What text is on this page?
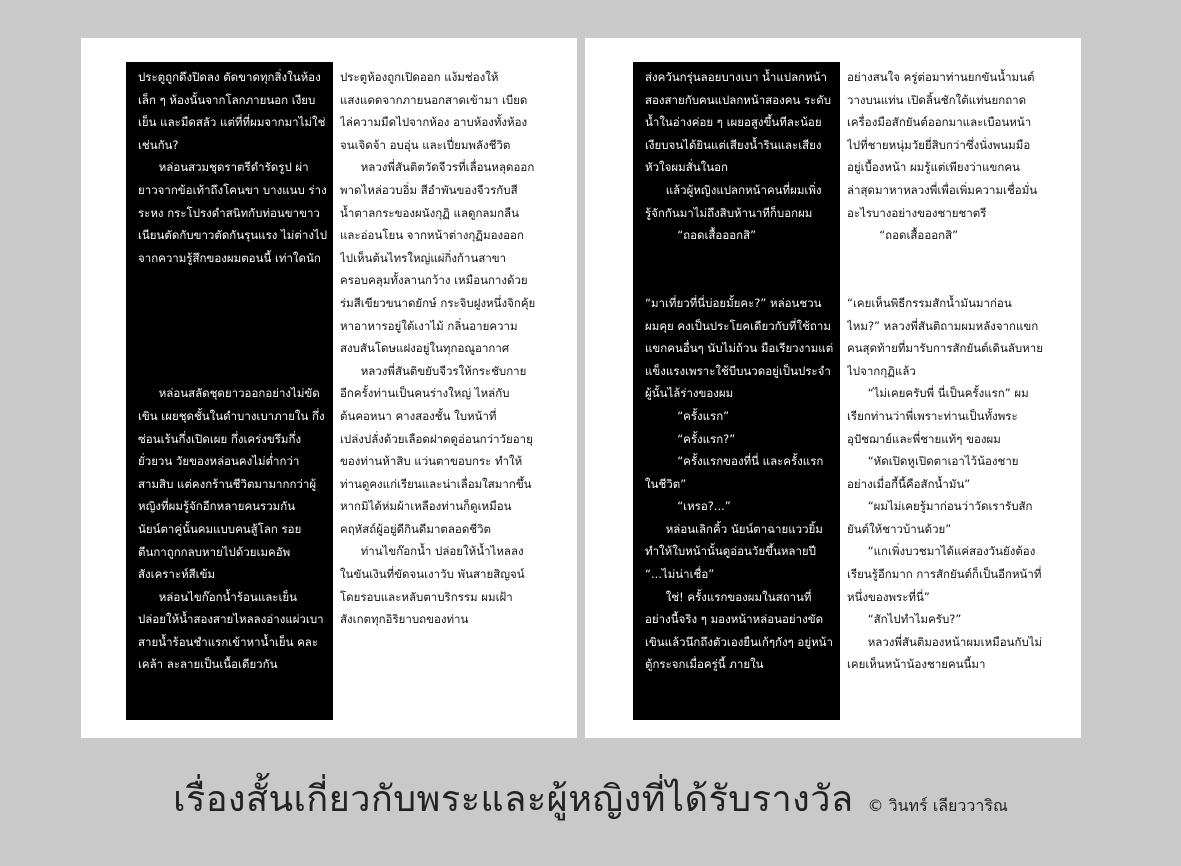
ประตูถูกดึงปิดลง ตัดขาดทุกสิ่งในห้องเล็ก ๆ ห้องนั้นจากโลกภายนอก เงียบ เย็น และมืดสลัว แต่ที่ที่ผมจากมาไม่ใช่เช่นกัน?

หล่อนสวมชุดราตรีดำรัดรูป ผ่ายาวจากข้อเท้าถึงโคนขา บางแนบ ร่างระหง กระโปรงดำสนิทกับท่อนขาขาวเนียนตัดกับขาวตัดกันรุนแรง ไม่ต่างไปจากความรู้สึกของผมตอนนี้ เท่าใดนัก

หล่อนสลัดชุดยาวออกอย่างไม่ขัดเขิน เผยชุดชั้นในดำบางเบาภายใน กึ่งซ่อนเร้นกึ่งเปิดเผย กึ่งเคร่งขรึมกึ่งยั่วยวน วัยของหล่อนคงไม่ต่ำกว่าสามสิบ แต่คงกร้านชีวิตมามากกว่าผู้หญิงที่ผมรู้จักอีกหลายคนรวมกัน นัยน์ตาคู่นั้นคมแบบคนสู้โลก รอยตีนกาถูกกลบหายไปด้วยเมคอัพสังเคราะห์สีเข้ม

หล่อนไขก๊อกน้ำร้อนและเย็น ปล่อยให้น้ำสองสายไหลลงอ่างแผ่วเบา สายน้ำร้อนชำแรกเข้าหาน้ำเย็น คละเคล้า ละลายเป็นเนื้อเดียวกัน

ประตูห้องถูกเปิดออก แง้มช่องให้แสงแดดจากภายนอกสาดเข้ามา เบียดไล่ความมืดไปจากห้อง อาบห้องทั้งห้องจนเจิดจ้า อบอุ่น และเปี่ยมพลังชีวิต

หลวงพี่สันติตวัดจีวรที่เลื่อนหลุดออกพาดไหล่อวบอิ่ม สีอำพันของจีวรกับสีน้ำตาลกระของผนังกุฏิ แลดูกลมกลืนและอ่อนโยน จากหน้าต่างกุฏิมองออกไปเห็นต้นไทรใหญ่แผ่กิ่งก้านสาขาครอบคลุมทั้งลานกว้าง เหมือนกางด้วยร่มสีเขียวขนาดยักษ์ กระจิบฝูงหนึ่งจิกคุ้ยหาอาหารอยู่ใต้เงาไม้ กลิ่นอายความสงบสันโดษแฝงอยู่ในทุกอณูอากาศ

หลวงพี่สันติขยับจีวรให้กระชับกายอีกครั้งท่านเป็นคนร่างใหญ่ ไหล่กับต้นคอหนา คางสองชั้น ใบหน้าที่เปล่งปลั่งด้วยเลือดฝาดดูอ่อนกว่าวัยอายุของท่านห้าสิบ แว่นตาขอบกระ ทำให้ท่านดูคงแก่เรียนและน่าเลื่อมใสมากขึ้น หากมิได้ห่มผ้าเหลืองท่านก็ดูเหมือนคฤหัสถ์ผู้อยู่ดีกินดีมาตลอดชีวิต

ท่านไขก๊อกน้ำ ปล่อยให้น้ำไหลลงในขันเงินที่ขัดจนเงาวับ พันสายสิญจน์โดยรอบและหลับตาบริกรรม ผมเฝ้าสังเกตทุกอิริยาบถของท่าน

ส่งควันกรุ่นลอยบางเบา น้ำแปลกหน้าสองสายกับคนแปลกหน้าสองคน ระดับน้ำในอ่างค่อย ๆ เผยอสูงขึ้นทีละน้อย เงียบจนได้ยินแต่เสียงน้ำรินและเสียงหัวใจผมสั่นในอก

แล้วผู้หญิงแปลกหน้าคนที่ผมเพิ่งรู้จักกันมาไม่ถึงสิบห้านาทีก็บอกผม

“ถอดเสื้อออกสิ”

“มาเที่ยวที่นี่บ่อยมั้ยคะ?” หล่อนชวนผมคุย คงเป็นประโยคเดียวกับที่ใช้ถามแขกคนอื่นๆ นับไม่ถ้วน มือเรียวงามแต่แข็งแรงเพราะใช้บีบนวดอยู่เป็นประจำผู้นั้นไล้ร่างของผม

“ครั้งแรก”

“ครั้งแรก?”

“ครั้งแรกของที่นี่ และครั้งแรกในชีวิต”

“เหรอ?...”

หล่อนเลิกคิ้ว นัยน์ตาฉายแววยิ้ม ทำให้ใบหน้านั้นดูอ่อนวัยขึ้นหลายปี “...ไม่น่าเชื่อ”

ใช่! ครั้งแรกของผมในสถานที่อย่างนี้จริง ๆ มองหน้าหล่อนอย่างขัดเขินแล้วนึกถึงตัวเองยืนเก้ๆกังๆ อยู่หน้าตู้กระจกเมื่อครู่นี้ ภายใน

อย่างสนใจ ครู่ต่อมาท่านยกขันน้ำมนต์วางบนแท่น เปิดลิ้นชักใต้แท่นยกถาดเครื่องมือสักยันต์ออกมาและเบือนหน้าไปที่ชายหนุ่มวัยยี่สิบกว่าซึ่งนั่งพนมมืออยู่เบื้องหน้า ผมรู้แต่เพียงว่าแขกคนล่าสุดมาหาหลวงพี่เพื่อเพิ่มความเชื่อมั่นอะไรบางอย่างของชายชาตรี

“ถอดเสื้อออกสิ”

“เคยเห็นพิธีกรรมสักน้ำมันมาก่อนไหม?” หลวงพี่สันติถามผมหลังจากแขกคนสุดท้ายที่มารับการสักยันต์เดินลับหายไปจากกุฏิแล้ว

“ไม่เคยครับพี่ นี่เป็นครั้งแรก” ผมเรียกท่านว่าพี่เพราะท่านเป็นทั้งพระอุปัชฌาย์และพี่ชายแท้ๆ ของผม

“หัดเปิดหูเปิดตาเอาไว้น้องชาย อย่างเมื่อกี้นี้คือสักน้ำมัน”

“ผมไม่เคยรู้มาก่อนว่าวัดเรารับสักยันต์ให้ชาวบ้านด้วย”

“แกเพิ่งบวชมาได้แค่สองวันยังต้องเรียนรู้อีกมาก การสักยันต์ก็เป็นอีกหน้าที่หนึ่งของพระที่นี่”

“สักไปทำไมครับ?”

หลวงพี่สันติมองหน้าผมเหมือนกับไม่เคยเห็นหน้าน้องชายคนนี้มา

เรื่องสั้นเกี่ยวกับพระและผู้หญิงที่ได้รับรางวัล © วินทร์ เลียววาริณ
